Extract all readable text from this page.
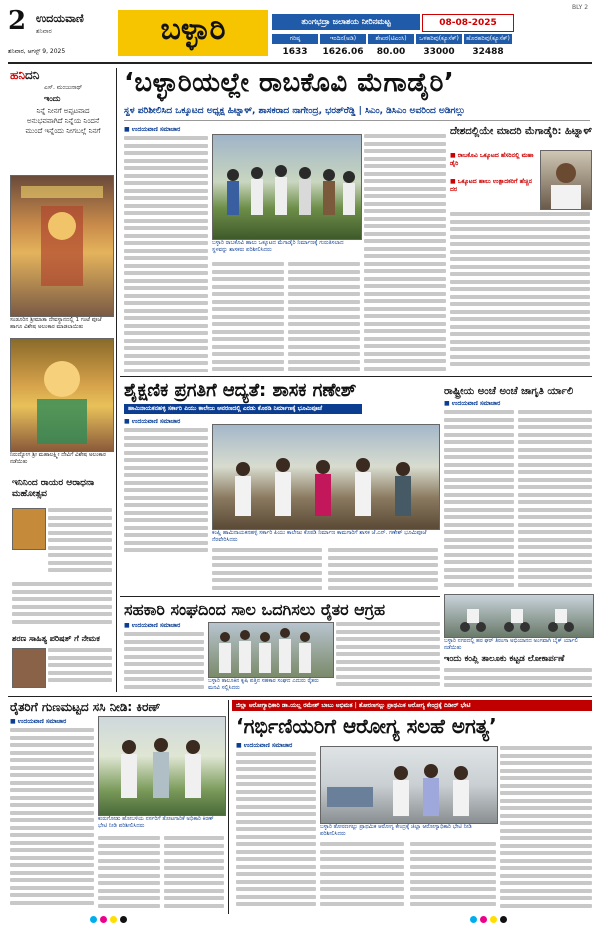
2 ಉದಯವಾಣಿ
ಶನಿವಾರ
ಶನಿವಾರ, ಆಗಸ್ಟ್ 9, 2025
ಬಳ್ಳಾರಿ	ತುಂಗಭದ್ರಾ ಜಲಾಶಯ ನೀರಿನಮಟ್ಟ	08-08-2025
BLY 2
ಗರಿಷ್ಠ	ಇಂದಿನ(ಅಡಿ)	ಶೇಖರ(ಟಿಎಂಸಿ)	ಒಳಹರಿವು(ಕ್ಯೂಸೆಕ್)	ಹೊರಹರಿವು(ಕ್ಯೂಸೆಕ್)
1633	1626.06	80.00	33000	32488
ಹನಿದನಿ
ಎಸ್. ಮಂಜುನಾಥ್
ಇಂದು
ನಿನ್ನೆ ನೀನಗೆ ಅಪ್ಪಟವಾದ ಅನುಭವವಾಗಿದೆ ನಿನ್ನೆಯ ನಿಂದನೆ ಮುಂದೆ ಇನ್ನೆಂದು ನೀಗಬಲ್ಲೆ ನಿನಗೆ
ಸಂಡೂರಿನ ಶ್ರೀಮಾತಾ ದೇವಸ್ಥಾನದಲ್ಲಿ 1 ಗಂಟೆ ಪೂಜೆ ಹಾಗೂ ವಿಶೇಷ ಅಲಂಕಾರ ಮಾಡಲಾಯಿತು
ನಿರುದ್ಯೋಗ ಶ್ರೀ ಮಹಾಲಕ್ಷ್ಮೀ ದೇವಿಗೆ ವಿಶೇಷ ಅಲಂಕಾರ ನಡೆಯಿತು
ಇನಿನಿಂದ ರಾಯರ ಆರಾಧನಾ ಮಹೋತ್ಸವ
ಶರಣ ಸಾಹಿತ್ಯ ಪರಿಷತ್ ಗೆ ನೇಮಕ
‘ಬಳ್ಳಾರಿಯಲ್ಲೇ ರಾಬಕೊವಿ ಮೆಗಾಡೈರಿ’
ಸ್ಥಳ ಪರಿಶೀಲಿಸಿದ ಒಕ್ಕೂಟದ ಅಧ್ಯಕ್ಷ ಹಿಟ್ನಾಳ್, ಶಾಸಕರಾದ ನಾಗೇಂದ್ರ, ಭರತ್‌ರೆಡ್ಡಿ | ಸಿಎಂ, ಡಿಸಿಎಂ ಅವರಿಂದ ಅಡಿಗಲ್ಲು
■ ಉದಯವಾಣಿ ಸಮಾಚಾರ
ಬಳ್ಳಾರಿ ರಾಬಕೊವಿ ಹಾಲು ಒಕ್ಕೂಟದ ಮೆಗಾಡೈರಿ ನಿರ್ಮಾಣಕ್ಕೆ ಗುರುತಿಸಲಾದ ಸ್ಥಳವನ್ನು ಶಾಸಕರು ಪರಿಶೀಲಿಸಿದರು
ದೇಶದಲ್ಲಿಯೇ ಮಾದರಿ ಮೆಗಾಡೈರಿ: ಹಿಟ್ನಾಳ್
■ ರಾಬಕೊವಿ ಒಕ್ಕೂಟದ ಹೆಸರಿನಲ್ಲಿ ಮಹಾ ಡೈರಿ
■ ಒಕ್ಕೂಟದ ಹಾಲು ಉತ್ಪಾದಕರಿಗೆ ಹೆಚ್ಚಿನ ದರ
ಶೈಕ್ಷಣಿಕ ಪ್ರಗತಿಗೆ ಆದ್ಯತೆ: ಶಾಸಕ ಗಣೇಶ್
ಹಾಮಿನಾಯಕನಹಳ್ಳಿ ಸರ್ಕಾರಿ ಪಿಯು ಕಾಲೇಜು ಆವರಣದಲ್ಲಿ ಎರಡು ಕೊಠಡಿ ನಿರ್ಮಾಣಕ್ಕೆ ಭೂಮಿಪೂಜೆ
■ ಉದಯವಾಣಿ ಸಮಾಚಾರ
ಕಂಪ್ಲಿ ಹಾಮಿನಾಯಕನಹಳ್ಳಿ ಸರ್ಕಾರಿ ಪಿಯು ಕಾಲೇಜು ಕೊಠಡಿ ನಿರ್ಮಾಣ ಕಾಮಗಾರಿಗೆ ಶಾಸಕ ಜೆ.ಎನ್. ಗಣೇಶ್ ಭೂಮಿಪೂಜೆ ನೆರವೇರಿಸಿದರು
ರಾಷ್ಟ್ರೀಯ ಅಂಚೆ ಅಂಚೆ ಜಾಗೃತಿ ರ್ಯಾಲಿ
■ ಉದಯವಾಣಿ ಸಮಾಚಾರ
ಸಹಕಾರಿ ಸಂಘದಿಂದ ಸಾಲ ಒದಗಿಸಲು ರೈತರ ಆಗ್ರಹ
■ ಉದಯವಾಣಿ ಸಮಾಚಾರ
ಬಳ್ಳಾರಿ ತಾಲೂಕಿನ ಕೃಷಿ ಪತ್ತಿನ ಸಹಕಾರ ಸಂಘದ ಎದುರು ರೈತರು ಮನವಿ ಸಲ್ಲಿಸಿದರು
ಬಳ್ಳಾರಿ ನಗರದಲ್ಲಿ ಹರ ಘರ್ ತಿರಂಗಾ ಅಭಿಯಾನದ ಅಂಗವಾಗಿ ಬೈಕ್ ರ್ಯಾಲಿ ನಡೆಯಿತು
ಇಂದು ಕಂಪ್ಲಿ ತಾಲೂಕು ಕಟ್ಟಡ ಲೋಕಾರ್ಪಣೆ
ರೈತರಿಗೆ ಗುಣಮಟ್ಟದ ಸಸಿ ನೀಡಿ: ಕಿರಣ್
■ ಉದಯವಾಣಿ ಸಮಾಚಾರ
ಕುರುಗೋಡು ಹೋಬಳಿಯ ನರ್ಸರಿಗೆ ತೋಟಗಾರಿಕೆ ಅಧಿಕಾರಿ ಕಿರಣ್ ಭೇಟಿ ನೀಡಿ ಪರಿಶೀಲಿಸಿದರು
ಜಿಲ್ಲಾ ಆರೋಗ್ಯಾಧಿಕಾರಿ ಡಾ.ಯಲ್ಲ ರಮೇಶ್ ಬಾಬು ಅಭಿಮತ | ತೋರಣಗಲ್ಲು ಪ್ರಾಥಮಿಕ ಆರೋಗ್ಯ ಕೇಂದ್ರಕ್ಕೆ ದಿಡೀರ್ ಭೇಟಿ
‘ಗರ್ಭಿಣಿಯರಿಗೆ ಆರೋಗ್ಯ ಸಲಹೆ ಅಗತ್ಯ’
■ ಉದಯವಾಣಿ ಸಮಾಚಾರ
ಬಳ್ಳಾರಿ ತೋರಣಗಲ್ಲು ಪ್ರಾಥಮಿಕ ಆರೋಗ್ಯ ಕೇಂದ್ರಕ್ಕೆ ಜಿಲ್ಲಾ ಆರೋಗ್ಯಾಧಿಕಾರಿ ಭೇಟಿ ನೀಡಿ ಪರಿಶೀಲಿಸಿದರು
